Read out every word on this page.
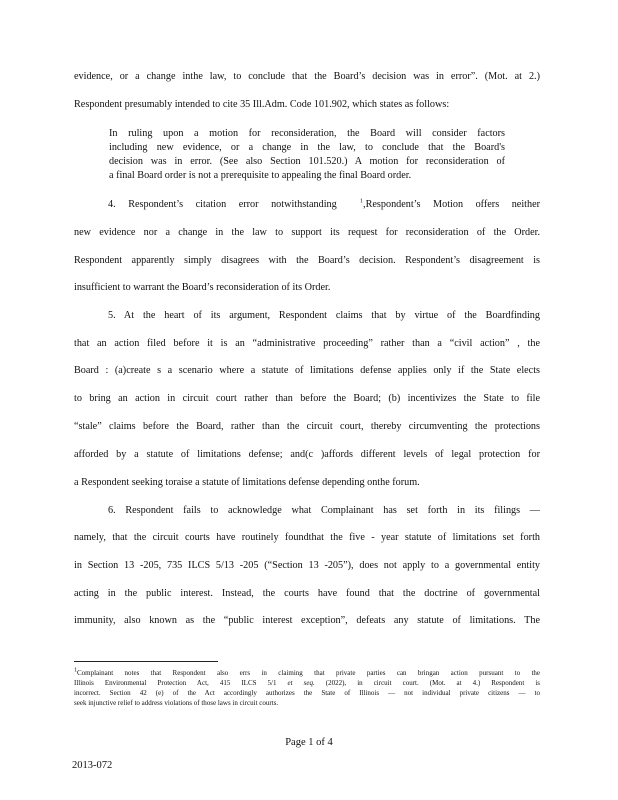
evidence, or a change inthe law, to conclude that the Board’s decision was in error”. (Mot. at 2.)
Respondent presumably intended to cite 35 Ill.Adm. Code 101.902, which states as follows:
In ruling upon a motion for reconsideration, the Board will consider factors
including new evidence, or a change in the law, to conclude that the Board's
decision was in error. (See also Section 101.520.) A motion for reconsideration of
a final Board order is not a prerequisite to appealing the final Board order.
4. Respondent’s citation error notwithstanding	$^1$,Respondent’s Motion offers neither
new evidence nor a change in the law to support its request for reconsideration of the Order.
Respondent apparently simply disagrees with the Board’s decision. Respondent’s disagreement is
insufficient to warrant the Board’s reconsideration of its Order.
5. At the heart of its argument, Respondent claims that by virtue of the Boardfinding
that an action filed before it is an “administrative proceeding” rather than a “civil action” , the
Board : (a)create s a scenario where a statute of limitations defense applies only if the State elects
to bring an action in circuit court rather than before the Board; (b) incentivizes the State to file
“stale” claims before the Board, rather than the circuit court, thereby circumventing the protections
afforded by a statute of limitations defense; and(c )affords different levels of legal protection for
a Respondent seeking toraise a statute of limitations defense depending onthe forum.
6. Respondent fails to acknowledge what Complainant has set forth in its filings —
namely, that the circuit courts have routinely foundthat the five - year statute of limitations set forth
in Section 13 -205, 735 ILCS 5/13 -205 (“Section 13 -205”), does not apply to a governmental entity
acting in the public interest. Instead, the courts have found that the doctrine of governmental
immunity, also known as the “public interest exception”, defeats any statute of limitations. The
$^1$Complainant notes that Respondent also errs in claiming that private parties can bringan action pursuant to the
Illinois Environmental Protection Act, 415 ILCS 5/1 et seq. (2022), in circuit court. (Mot. at 4.) Respondent is
incorrect. Section 42 (e) of the Act accordingly authorizes the State of Illinois — not individual private citizens — to
seek injunctive relief to address violations of those laws in circuit courts.
Page 1 of 4
2013-072
